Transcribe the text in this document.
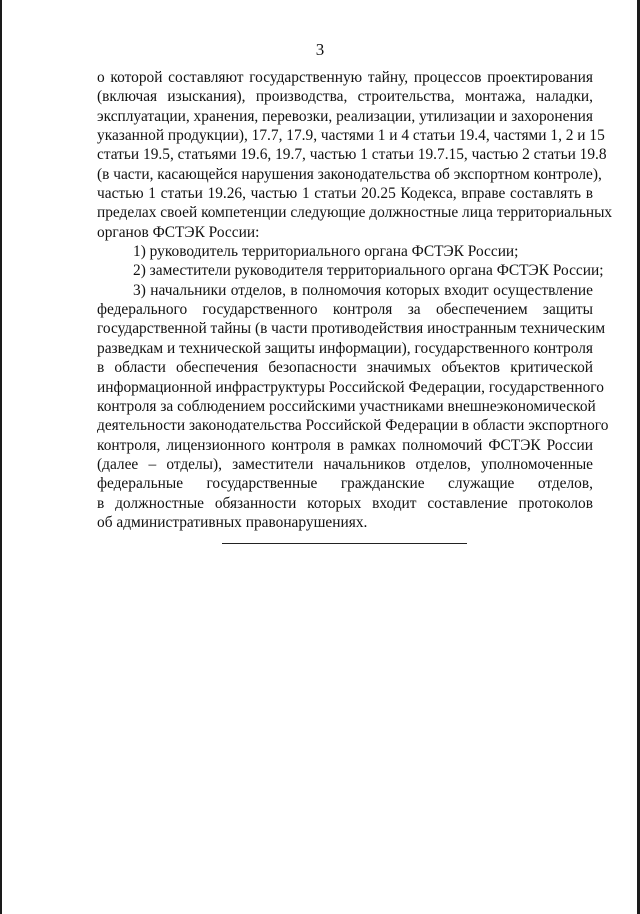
3
о которой составляют государственную тайну, процессов проектирования
(включая изыскания), производства, строительства, монтажа, наладки,
эксплуатации, хранения, перевозки, реализации, утилизации и захоронения
указанной продукции), 17.7, 17.9, частями 1 и 4 статьи 19.4, частями 1, 2 и 15
статьи 19.5, статьями 19.6, 19.7, частью 1 статьи 19.7.15, частью 2 статьи 19.8
(в части, касающейся нарушения законодательства об экспортном контроле),
частью 1 статьи 19.26, частью 1 статьи 20.25 Кодекса, вправе составлять в
пределах своей компетенции следующие должностные лица территориальных
органов ФСТЭК России:
1) руководитель территориального органа ФСТЭК России;
2) заместители руководителя территориального органа ФСТЭК России;
3) начальники отделов, в полномочия которых входит осуществление
федерального государственного контроля за обеспечением защиты
государственной тайны (в части противодействия иностранным техническим
разведкам и технической защиты информации), государственного контроля
в области обеспечения безопасности значимых объектов критической
информационной инфраструктуры Российской Федерации, государственного
контроля за соблюдением российскими участниками внешнеэкономической
деятельности законодательства Российской Федерации в области экспортного
контроля, лицензионного контроля в рамках полномочий ФСТЭК России
(далее – отделы), заместители начальников отделов, уполномоченные
федеральные государственные гражданские служащие отделов,
в должностные обязанности которых входит составление протоколов
об административных правонарушениях.
